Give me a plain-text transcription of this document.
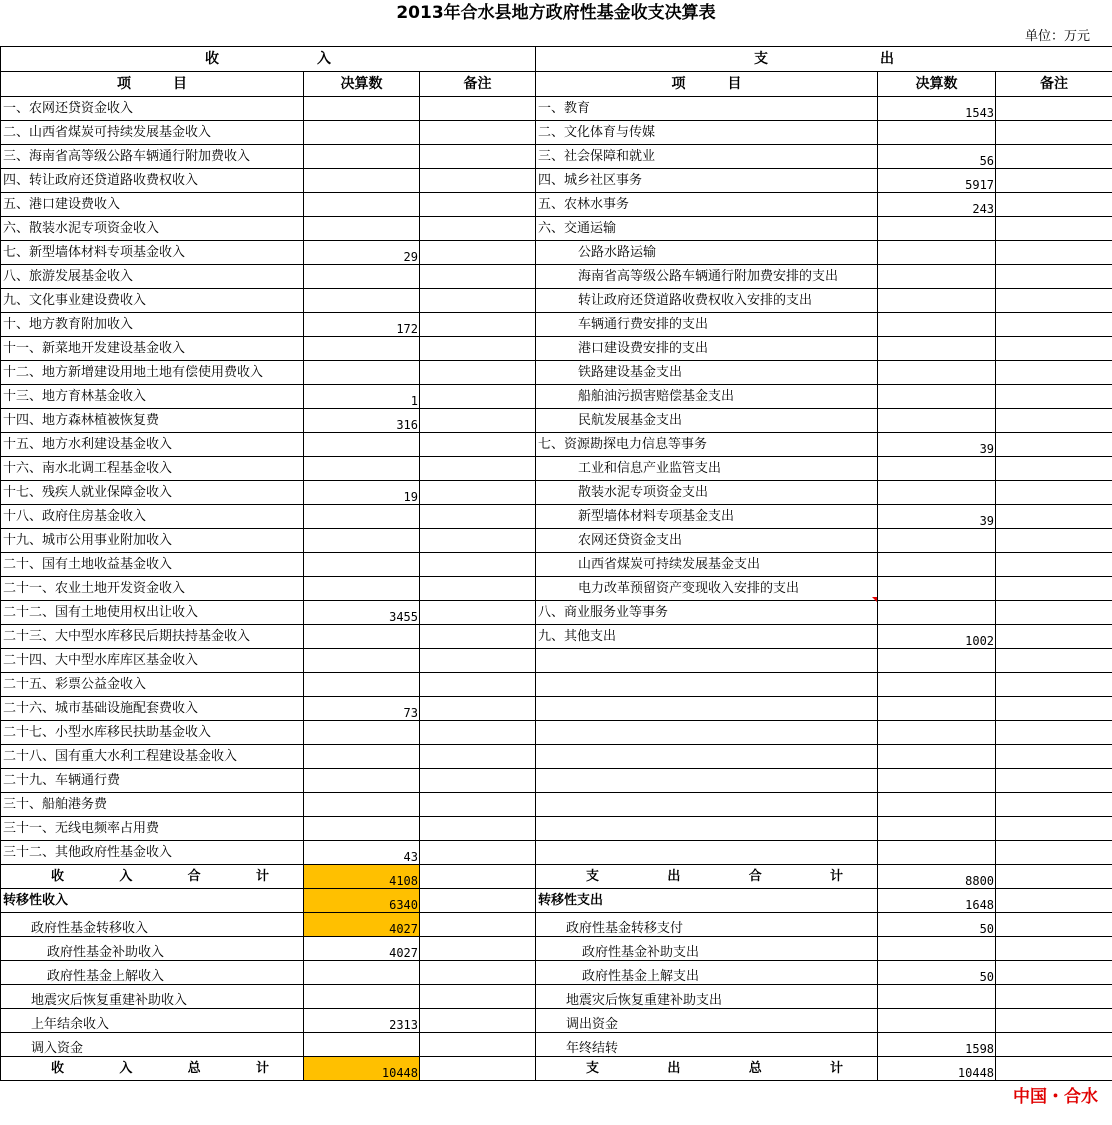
2013年合水县地方政府性基金收支决算表
单位：万元
收　　　　　　　入			支　　　　　　　　出		
项　　　目	决算数	备注	项　　　目	决算数	备注
一、农网还贷资金收入			一、教育	1543	
二、山西省煤炭可持续发展基金收入			二、文化体育与传媒		
三、海南省高等级公路车辆通行附加费收入			三、社会保障和就业	56	
四、转让政府还贷道路收费权收入			四、城乡社区事务	5917	
五、港口建设费收入			五、农林水事务	243	
六、散装水泥专项资金收入			六、交通运输		
七、新型墙体材料专项基金收入	29		公路水路运输		
八、旅游发展基金收入			海南省高等级公路车辆通行附加费安排的支出		
九、文化事业建设费收入			转让政府还贷道路收费权收入安排的支出		
十、地方教育附加收入	172		车辆通行费安排的支出		
十一、新菜地开发建设基金收入			港口建设费安排的支出		
十二、地方新增建设用地土地有偿使用费收入			铁路建设基金支出		
十三、地方育林基金收入	1		船舶油污损害赔偿基金支出		
十四、地方森林植被恢复费	316		民航发展基金支出		
十五、地方水利建设基金收入			七、资源勘探电力信息等事务	39	
十六、南水北调工程基金收入			工业和信息产业监管支出		
十七、残疾人就业保障金收入	19		散装水泥专项资金支出		
十八、政府住房基金收入			新型墙体材料专项基金支出	39	
十九、城市公用事业附加收入			农网还贷资金支出		
二十、国有土地收益基金收入			山西省煤炭可持续发展基金支出		
二十一、农业土地开发资金收入			电力改革预留资产变现收入安排的支出		
二十二、国有土地使用权出让收入	3455		八、商业服务业等事务		
二十三、大中型水库移民后期扶持基金收入			九、其他支出	1002	
二十四、大中型水库库区基金收入					
二十五、彩票公益金收入					
二十六、城市基础设施配套费收入	73				
二十七、小型水库移民扶助基金收入					
二十八、国有重大水利工程建设基金收入					
二十九、车辆通行费					
三十、船舶港务费					
三十一、无线电频率占用费					
三十二、其他政府性基金收入	43				
收　　入　　合　　计	4108		支　　出　　合　　计	8800	
转移性收入	6340		转移性支出	1648	
政府性基金转移收入	4027		政府性基金转移支付	50	
政府性基金补助收入	4027		政府性基金补助支出		
政府性基金上解收入			政府性基金上解支出	50	
地震灾后恢复重建补助收入			地震灾后恢复重建补助支出		
上年结余收入	2313		调出资金		
调入资金			年终结转	1598	
收　　入　　总　　计	10448		支　　出　　总　　计	10448	
中国・合水
